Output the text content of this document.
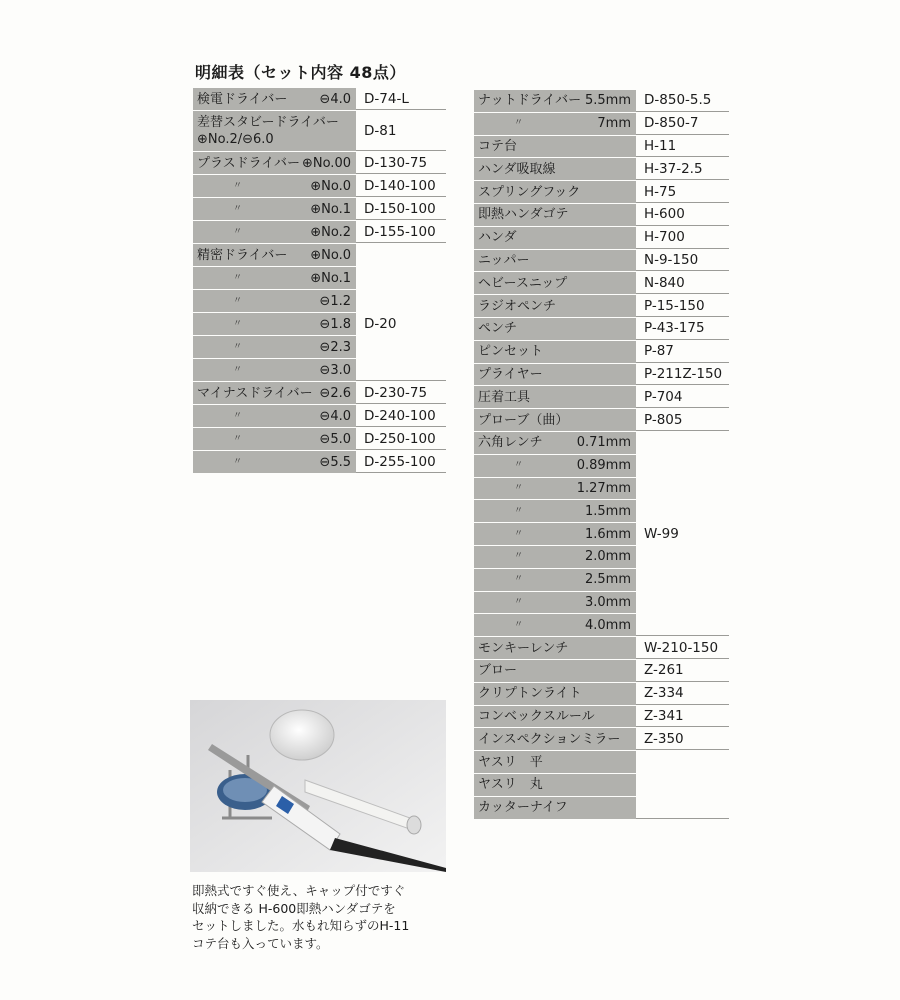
明細表（セット内容 48点）
検電ドライバー ⊖4.0 D-74-L
差替スタビードライバー
⊕No.2/⊖6.0
D-81
プラスドライバー ⊕No.00 D-130-75
〃	⊕No.0 D-140-100
〃	⊕No.1 D-150-100
〃	⊕No.2 D-155-100
精密ドライバー ⊕No.0
〃	⊕No.1
〃	⊖1.2
〃	⊖1.8 D-20
〃	⊖2.3
〃	⊖3.0
マイナスドライバー ⊖2.6 D-230-75
〃	⊖4.0 D-240-100
〃	⊖5.0 D-250-100
〃	⊖5.5 D-255-100
ナットドライバー 5.5mm D-850-5.5
〃	7mm D-850-7
コテ台	H-11
ハンダ吸取線	H-37-2.5
スプリングフック	H-75
即熱ハンダゴテ	H-600
ハンダ	H-700
ニッパー	N-9-150
ヘビースニップ	N-840
ラジオペンチ	P-15-150
ペンチ	P-43-175
ピンセット	P-87
プライヤー	P-211Z-150
圧着工具	P-704
プローブ（曲）	P-805
六角レンチ	0.71mm
〃	0.89mm
〃	1.27mm
〃	1.5mm
〃	1.6mm W-99
〃	2.0mm
〃	2.5mm
〃	3.0mm
〃	4.0mm
モンキーレンチ	W-210-150
ブロー	Z-261
クリプトンライト	Z-334
コンベックスルール	Z-341
インスペクションミラー	Z-350
ヤスリ　平
ヤスリ　丸
カッターナイフ
即熱式ですぐ使え、キャップ付ですぐ
収納できる H-600即熱ハンダゴテを
セットしました。水もれ知らずのH-11
コテ台も入っています。
